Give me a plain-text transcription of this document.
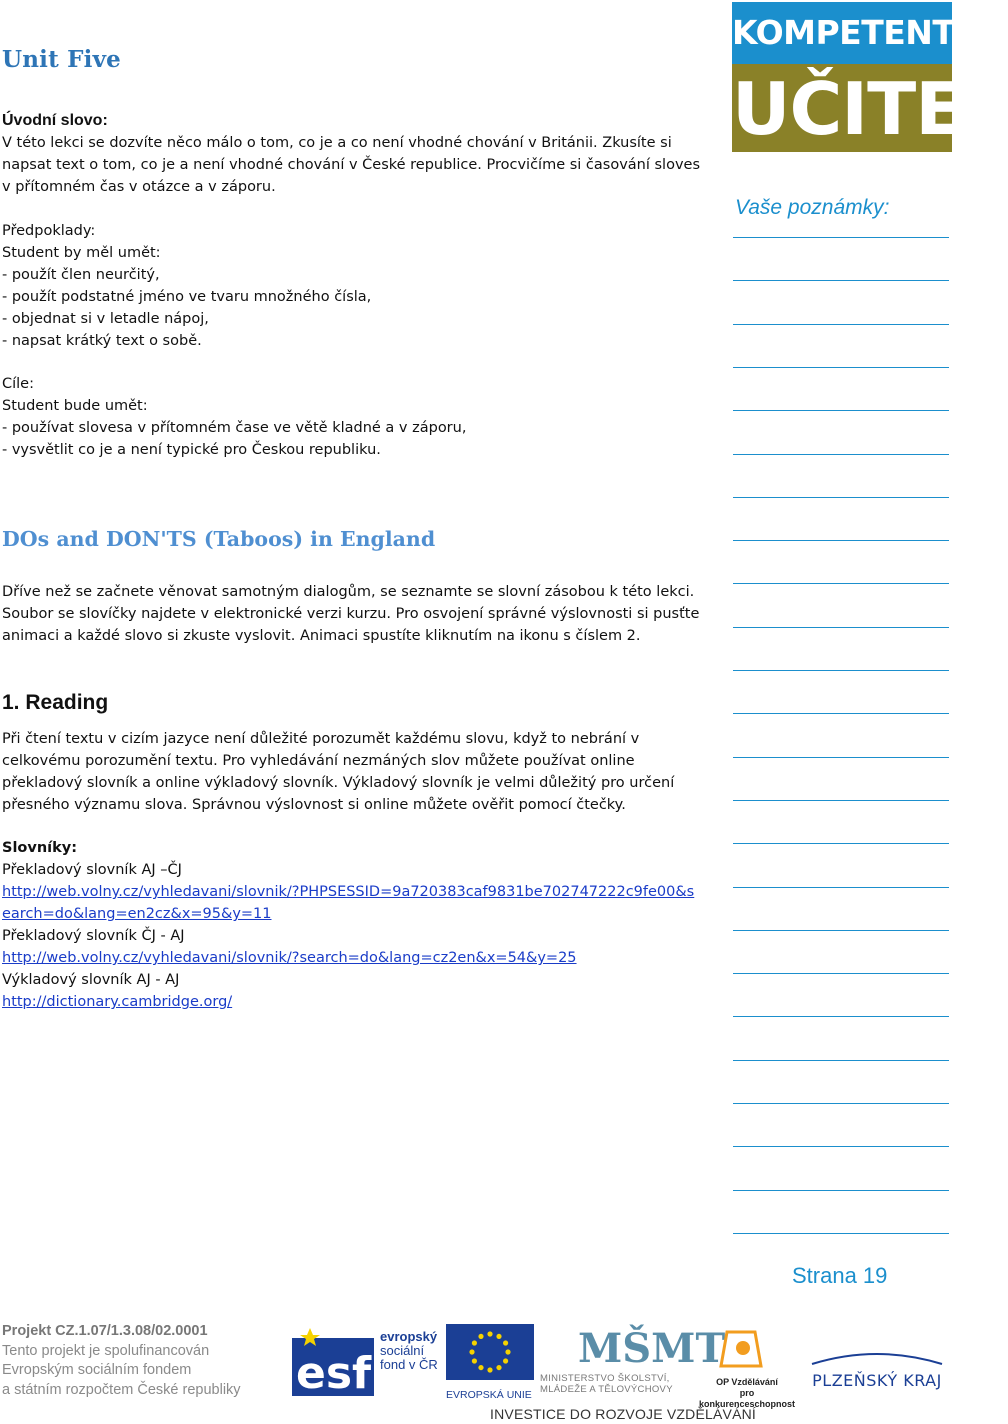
Unit Five

Úvodní slovo:

V této lekci se dozvíte něco málo o tom, co je a co není vhodné chování v Británii. Zkusíte si

napsat text o tom, co je a není vhodné chování v České republice. Procvičíme si časování sloves

v přítomném čas v otázce a v záporu.

Předpoklady:

Student by měl umět:

- použít člen neurčitý,

- použít podstatné jméno ve tvaru množného čísla,

- objednat si v letadle nápoj,

- napsat krátký text o sobě.

Cíle:

Student bude umět:

- používat slovesa v přítomném čase ve větě kladné a v záporu,

- vysvětlit co je a není typické pro Českou republiku.

DOs and DON'TS (Taboos) in England

Dříve než se začnete věnovat samotným dialogům, se seznamte se slovní zásobou k této lekci.

Soubor se slovíčky najdete v elektronické verzi kurzu. Pro osvojení správné výslovnosti si pusťte

animaci a každé slovo si zkuste vyslovit. Animaci spustíte kliknutím na ikonu s číslem 2.

1. Reading

Při čtení textu v cizím jazyce není důležité porozumět každému slovu, když to nebrání v

celkovému porozumění textu. Pro vyhledávání nezmáných slov můžete používat online

překladový slovník a online výkladový slovník. Výkladový slovník je velmi důležitý pro určení

přesného významu slova. Správnou výslovnost si online můžete ověřit pomocí čtečky.

Slovníky:

Překladový slovník AJ –ČJ

http://web.volny.cz/vyhledavani/slovnik/?PHPSESSID=9a720383caf9831be702747222c9fe00&s

earch=do&lang=en2cz&x=95&y=11

Překladový slovník ČJ - AJ

http://web.volny.cz/vyhledavani/slovnik/?search=do&lang=cz2en&x=54&y=25

Výkladový slovník AJ - AJ

http://dictionary.cambridge.org/

KOMPETENTNÍ
UČITEL
Vaše poznámky:
Strana 19
Projekt CZ.1.07/1.3.08/02.0001
Tento projekt je spolufinancován
Evropským sociálním fondem
a státním rozpočtem České republiky	esf
evropský
sociální
fond v ČR
EVROPSKÁ UNIE
MŠMT
MINISTERSTVO ŠKOLSTVÍ,
MLÁDEŽE A TĚLOVÝCHOVY
OP Vzdělávání
pro konkurenceschopnost
PLZEŇSKÝ KRAJ
INVESTICE DO ROZVOJE VZDĚLÁVÁNÍ
